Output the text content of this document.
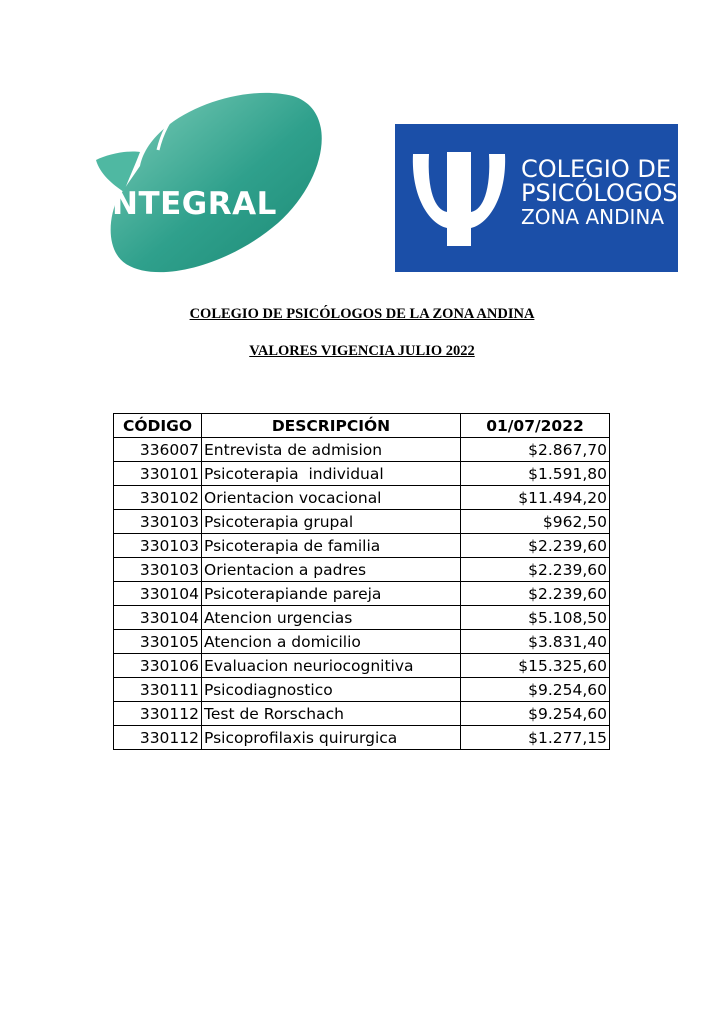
INTEGRAL
COLEGIO DE
PSICÓLOGOS
ZONA ANDINA
COLEGIO DE PSICÓLOGOS DE LA ZONA ANDINA
VALORES VIGENCIA JULIO 2022
CÓDIGO	DESCRIPCIÓN	01/07/2022
336007	Entrevista de admision	$2.867,70
330101	Psicoterapia  individual	$1.591,80
330102	Orientacion vocacional	$11.494,20
330103	Psicoterapia grupal	$962,50
330103	Psicoterapia de familia	$2.239,60
330103	Orientacion a padres	$2.239,60
330104	Psicoterapiande pareja	$2.239,60
330104	Atencion urgencias	$5.108,50
330105	Atencion a domicilio	$3.831,40
330106	Evaluacion neuriocognitiva	$15.325,60
330111	Psicodiagnostico	$9.254,60
330112	Test de Rorschach	$9.254,60
330112	Psicoprofilaxis quirurgica	$1.277,15
